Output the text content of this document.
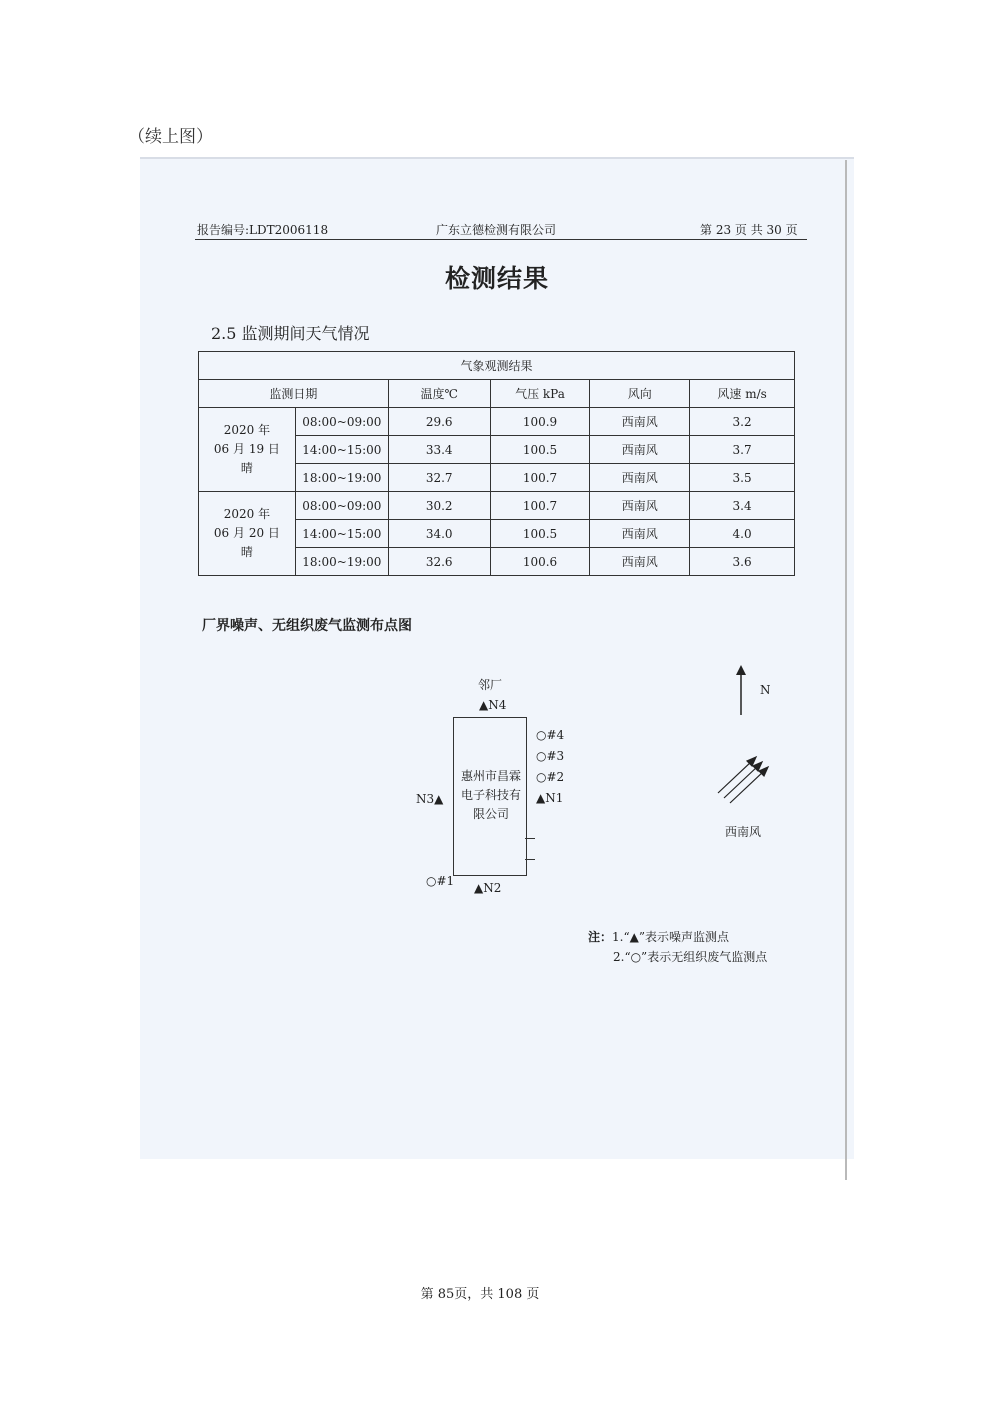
（续上图）
报告编号:LDT2006118	广东立德检测有限公司	第 23 页 共 30 页
检测结果
2.5 监测期间天气情况
气象观测结果					
监测日期		温度℃	气压 kPa	风向	风速 m/s
2020 年
06 月 19 日
晴	08:00~09:00	29.6	100.9	西南风	3.2
	14:00~15:00	33.4	100.5	西南风	3.7
	18:00~19:00	32.7	100.7	西南风	3.5
2020 年
06 月 20 日
晴	08:00~09:00	30.2	100.7	西南风	3.4
	14:00~15:00	34.0	100.5	西南风	4.0
	18:00~19:00	32.6	100.6	西南风	3.6
厂界噪声、无组织废气监测布点图
邻厂
▲N4
○#4
○#3
○#2
▲N1
N3▲
○#1 ▲N2
惠州市昌霖电子科技有限公司
N
西南风
注：1.“▲”表示噪声监测点
2.“○”表示无组织废气监测点
第 85页，共 108 页
